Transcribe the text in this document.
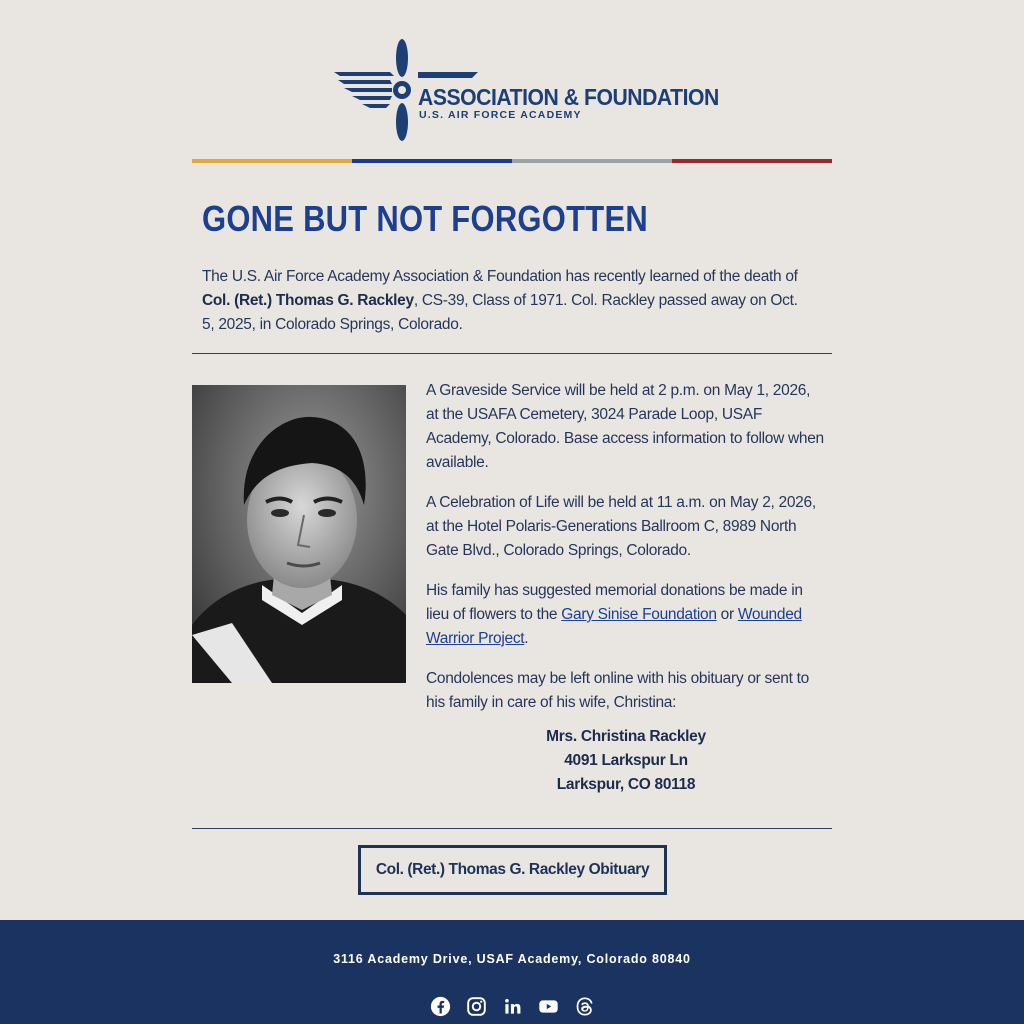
ASSOCIATION & FOUNDATION
U.S. AIR FORCE ACADEMY
GONE BUT NOT FORGOTTEN

The U.S. Air Force Academy Association & Foundation has recently learned of the death of Col. (Ret.) Thomas G. Rackley, CS-39, Class of 1971. Col. Rackley passed away on Oct. 5, 2025, in Colorado Springs, Colorado.

A Graveside Service will be held at 2 p.m. on May 1, 2026, at the USAFA Cemetery, 3024 Parade Loop, USAF Academy, Colorado. Base access information to follow when available.

A Celebration of Life will be held at 11 a.m. on May 2, 2026, at the Hotel Polaris-Generations Ballroom C, 8989 North Gate Blvd., Colorado Springs, Colorado.

His family has suggested memorial donations be made in lieu of flowers to the Gary Sinise Foundation or Wounded Warrior Project.

Condolences may be left online with his obituary or sent to his family in care of his wife, Christina:

Mrs. Christina Rackley
4091 Larkspur Ln
Larkspur, CO 80118
Col. (Ret.) Thomas G. Rackley Obituary
3116 Academy Drive, USAF Academy, Colorado 80840
